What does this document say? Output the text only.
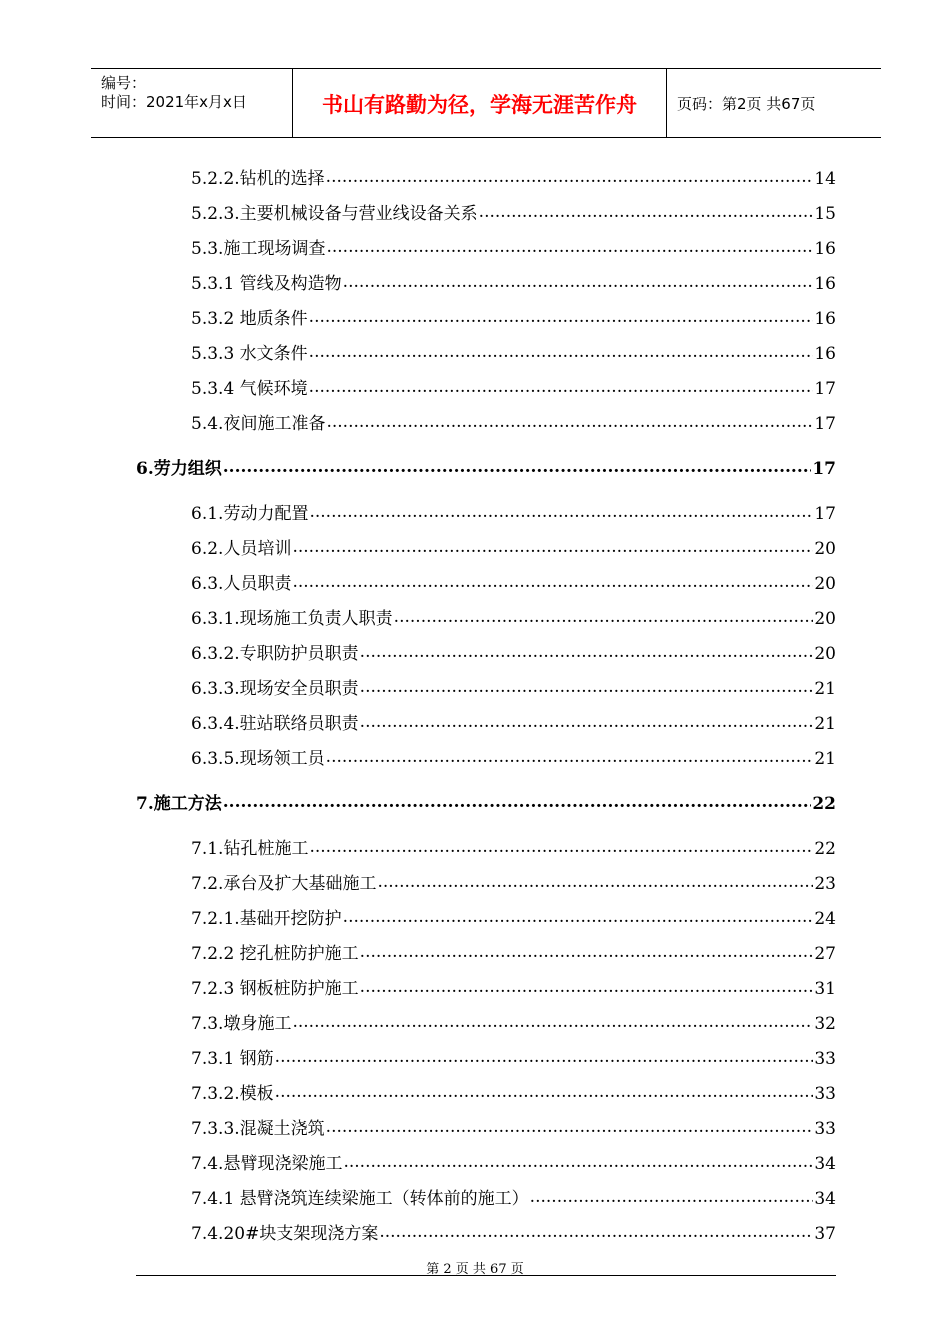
编号：
时间：2021年x月x日	书山有路勤为径，学海无涯苦作舟	页码：第2页 共67页
5.2.2.钻机的选择 .....	14
5.2.3.主要机械设备与营业线设备关系 .....	15
5.3.施工现场调查 .....	16
5.3.1 管线及构造物 .....	16
5.3.2 地质条件 .....	16
5.3.3 水文条件 .....	16
5.3.4 气候环境 .....	17
5.4.夜间施工准备 .....	17
6.劳力组织 .....	17
6.1.劳动力配置 .....	17
6.2.人员培训 .....	20
6.3.人员职责 .....	20
6.3.1.现场施工负责人职责 .....	20
6.3.2.专职防护员职责 .....	20
6.3.3.现场安全员职责 .....	21
6.3.4.驻站联络员职责 .....	21
6.3.5.现场领工员 .....	21
7.施工方法 .....	22
7.1.钻孔桩施工 .....	22
7.2.承台及扩大基础施工 .....	23
7.2.1.基础开挖防护 .....	24
7.2.2 挖孔桩防护施工 .....	27
7.2.3 钢板桩防护施工 .....	31
7.3.墩身施工 .....	32
7.3.1 钢筋 .....	33
7.3.2.模板 .....	33
7.3.3.混凝土浇筑 .....	33
7.4.悬臂现浇梁施工 .....	34
7.4.1 悬臂浇筑连续梁施工（转体前的施工） .....	34
7.4.20#块支架现浇方案 .....	37
第 2 页 共 67 页
